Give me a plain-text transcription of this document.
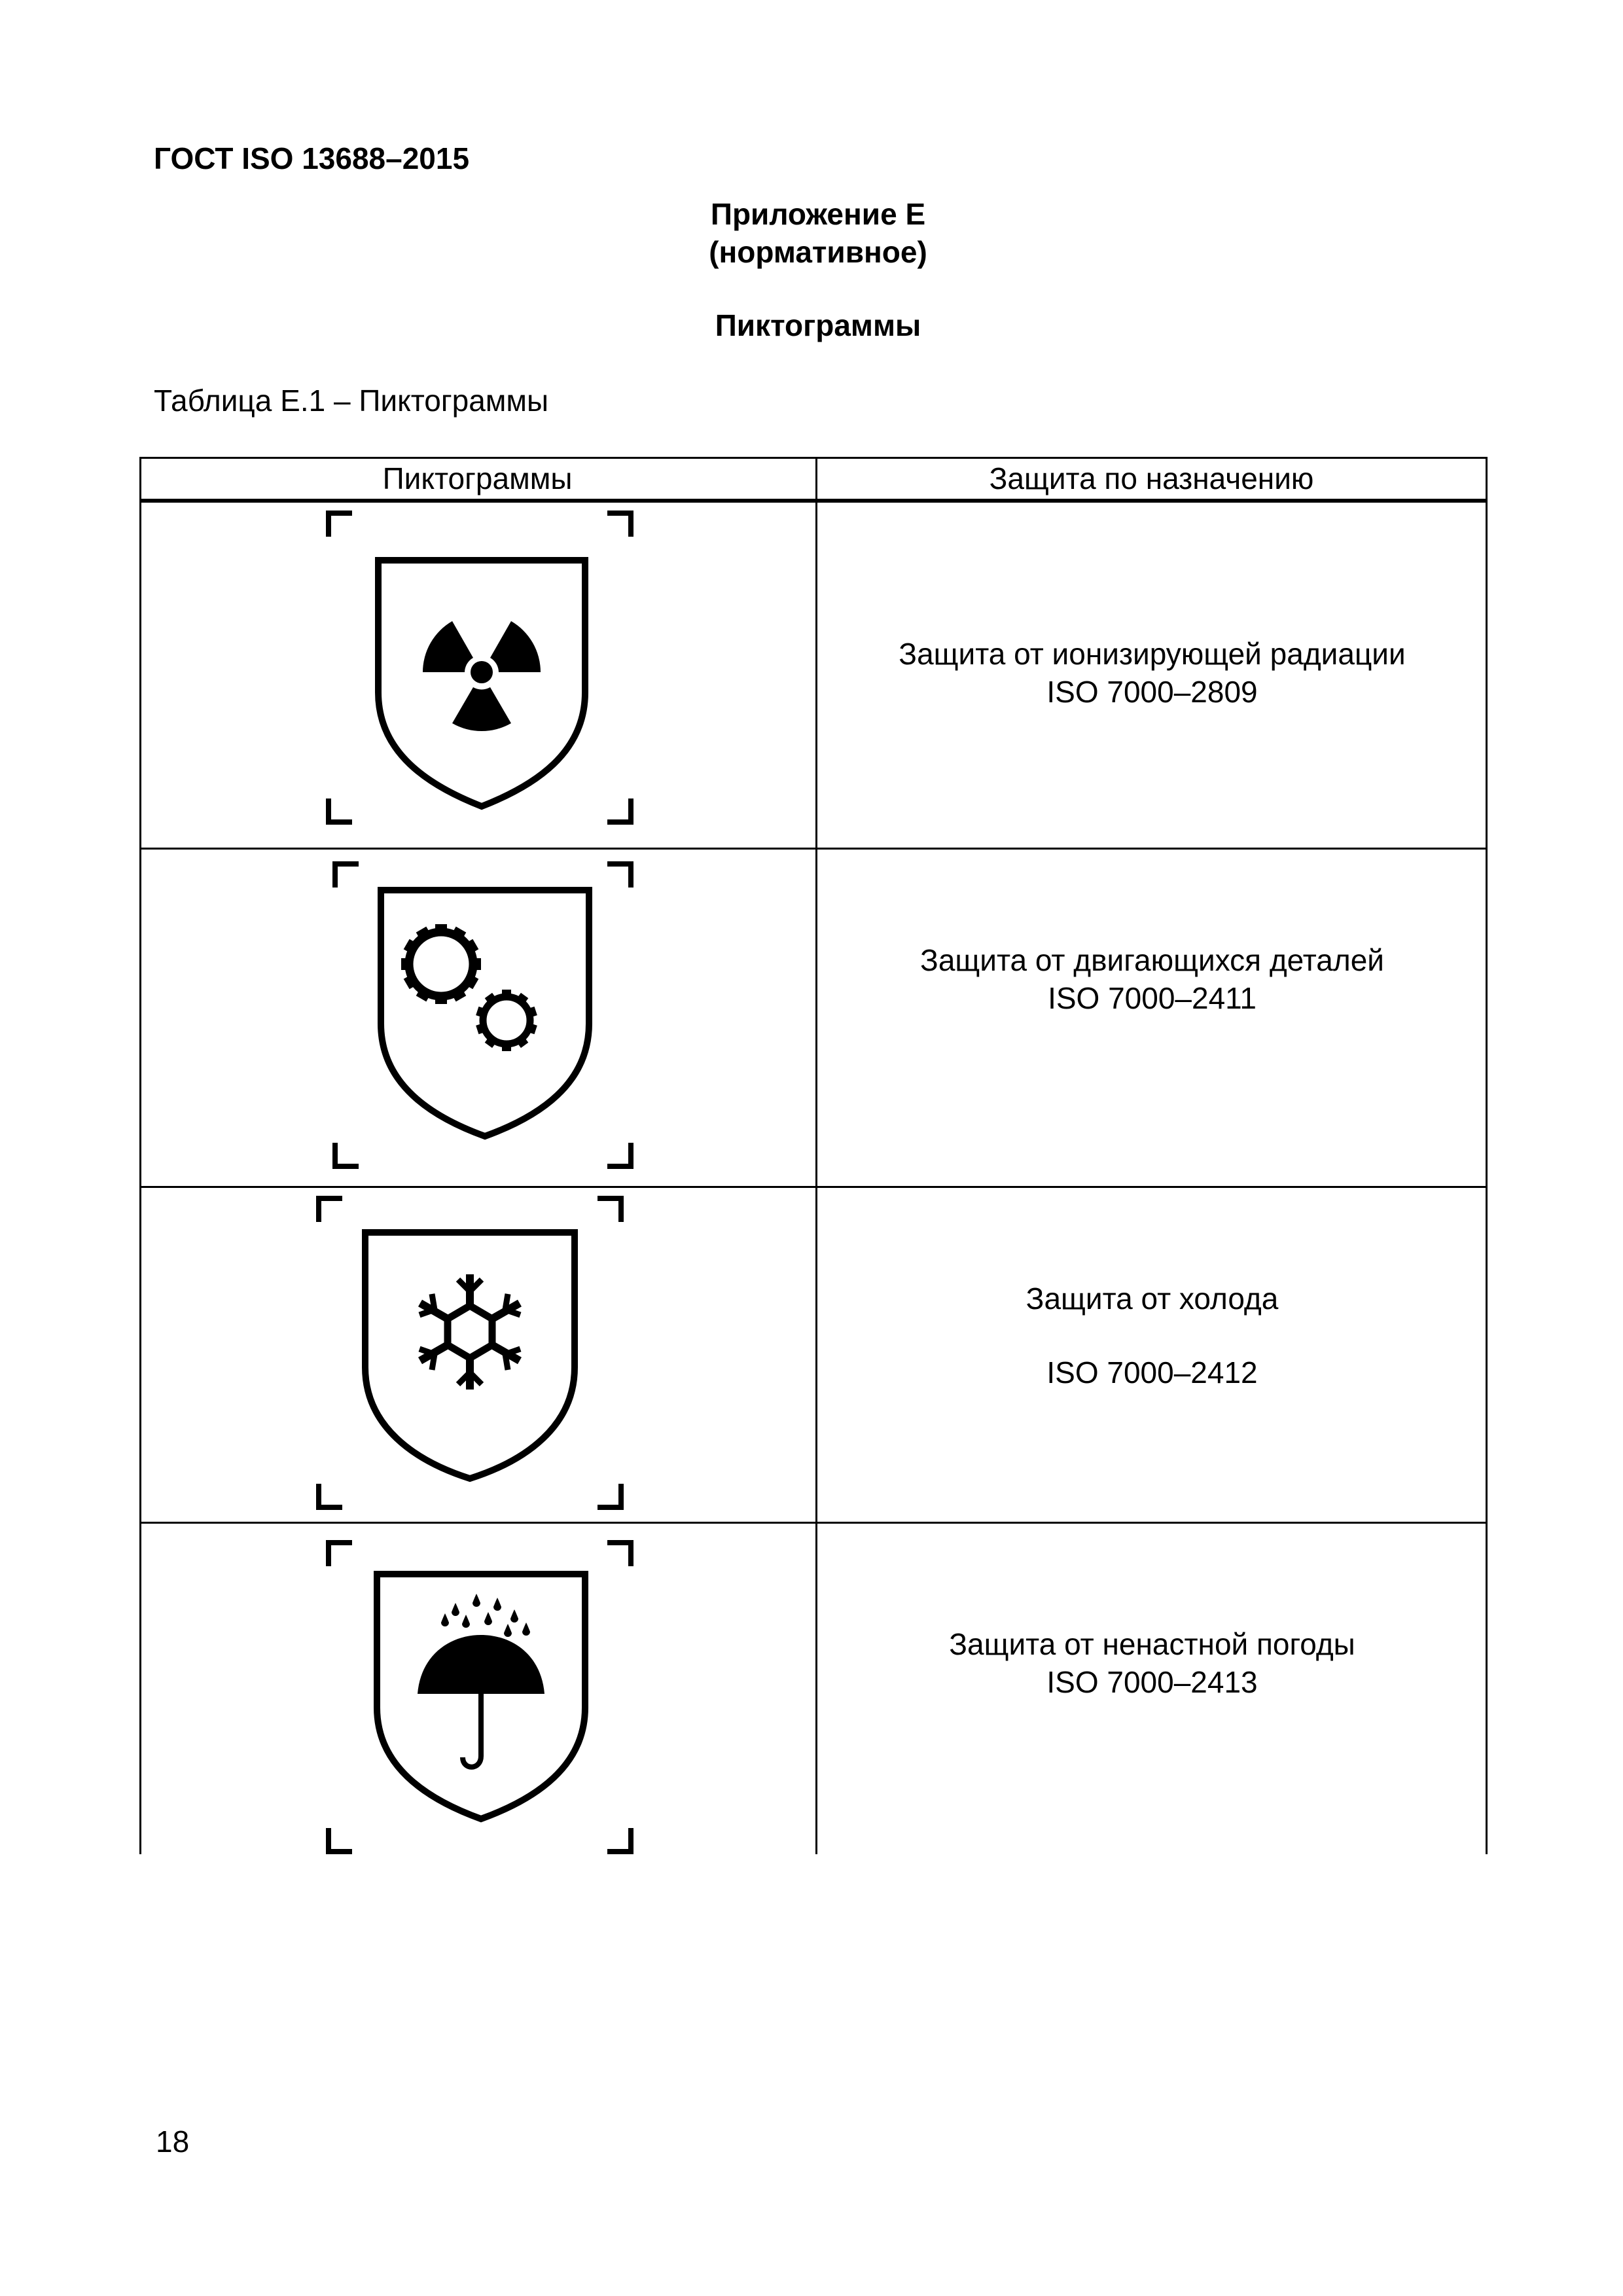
ГОСТ ISO 13688–2015
Приложение Е
(нормативное)
Пиктограммы
Таблица Е.1 – Пиктограммы
Пиктограммы	Защита по назначению
Защита от ионизирующей радиации
ISO 7000–2809
Защита от двигающихся деталей
ISO 7000–2411
Защита от холода
ISO 7000–2412
Защита от ненастной погоды
ISO 7000–2413
18
